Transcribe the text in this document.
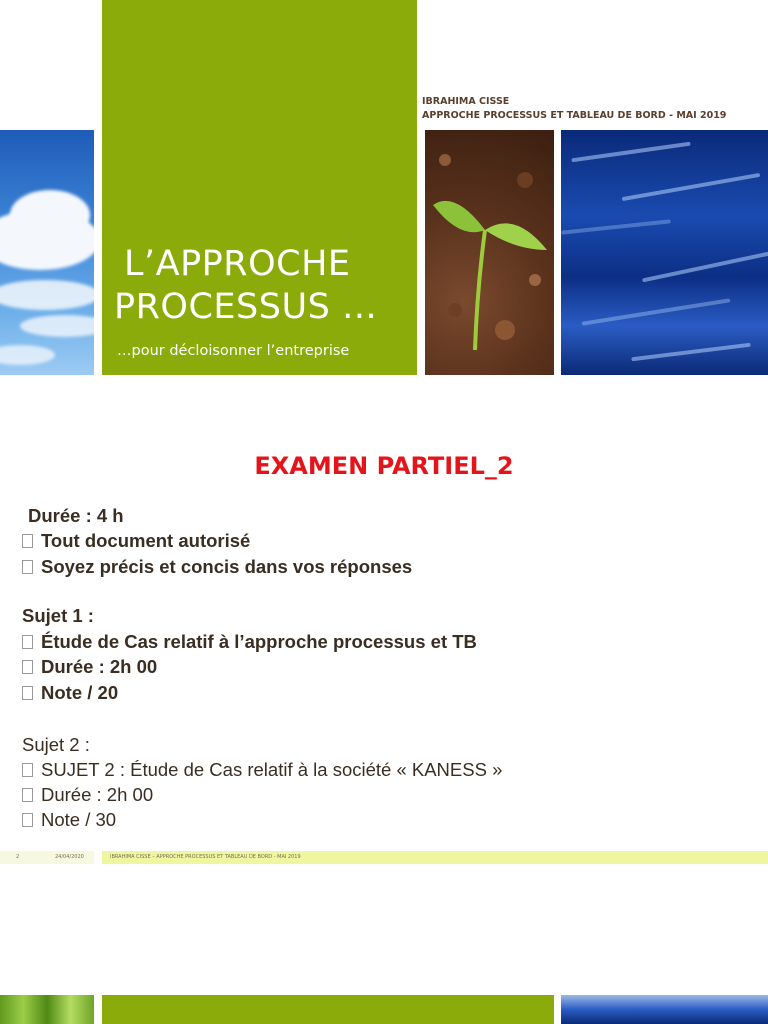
IBRAHIMA CISSE
APPROCHE PROCESSUS ET TABLEAU DE BORD - MAI 2019
L’APPROCHE
PROCESSUS …
…pour décloisonner l’entreprise
EXAMEN PARTIEL_2
Durée : 4 h
Tout document autorisé
Soyez précis et concis dans vos réponses
Sujet 1 :
Étude de Cas relatif à l’approche processus et TB
Durée : 2h 00
Note / 20
Sujet 2 :
SUJET 2 : Étude de Cas relatif à la société « KANESS »
Durée : 2h 00
Note / 30
2	24/04/2020	IBRAHIMA CISSE – APPROCHE PROCESSUS ET TABLEAU DE BORD - MAI 2019
